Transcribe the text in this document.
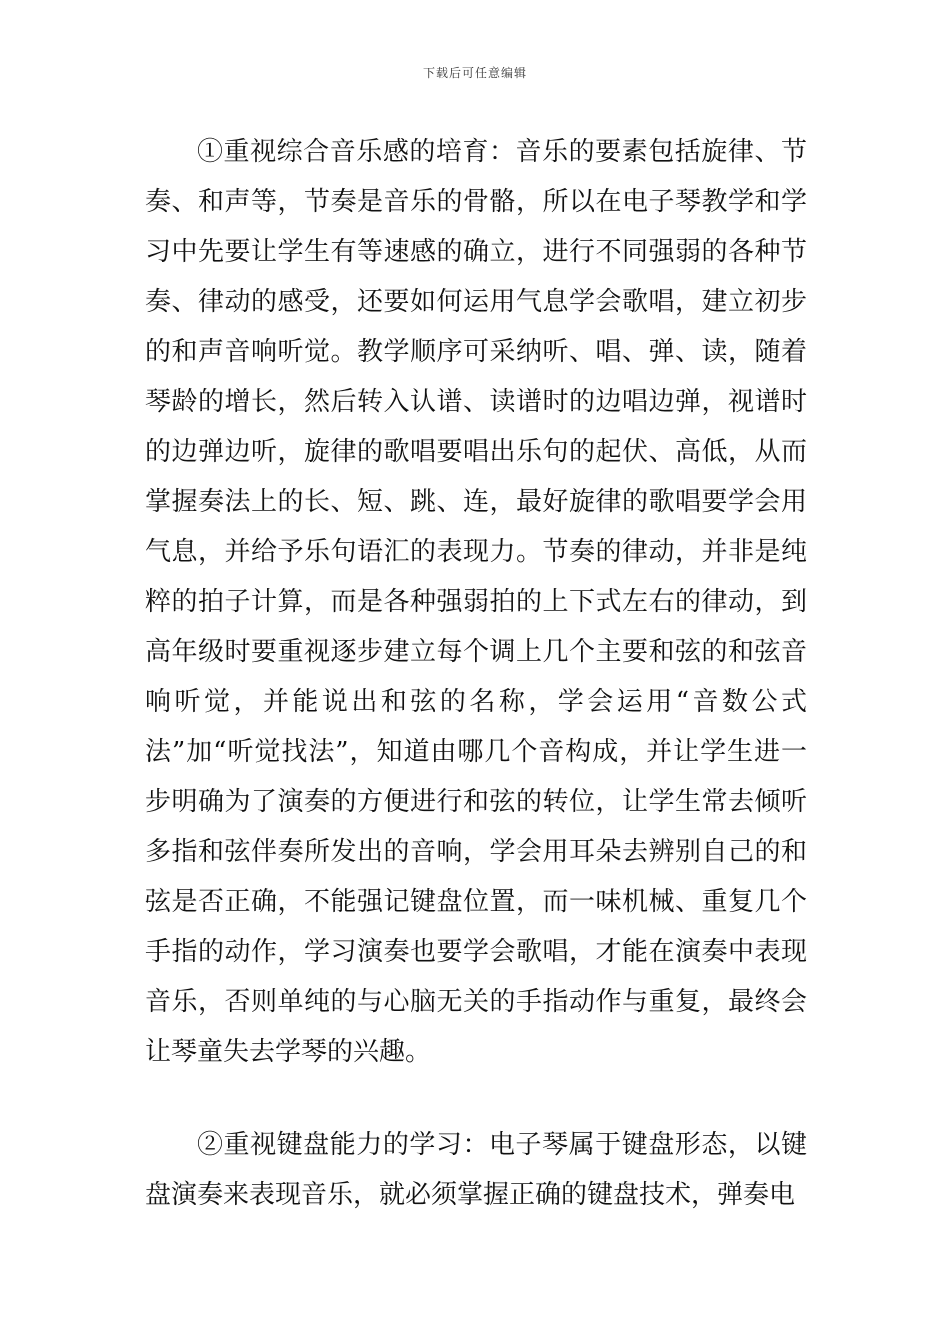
下载后可任意编辑

①重视综合音乐感的培育：音乐的要素包括旋律、节奏、和声等，节奏是音乐的骨骼，所以在电子琴教学和学习中先要让学生有等速感的确立，进行不同强弱的各种节奏、律动的感受，还要如何运用气息学会歌唱，建立初步的和声音响听觉。教学顺序可采纳听、唱、弹、读，随着琴龄的增长，然后转入认谱、读谱时的边唱边弹，视谱时的边弹边听，旋律的歌唱要唱出乐句的起伏、高低，从而掌握奏法上的长、短、跳、连，最好旋律的歌唱要学会用气息，并给予乐句语汇的表现力。节奏的律动，并非是纯粹的拍子计算，而是各种强弱拍的上下式左右的律动，到高年级时要重视逐步建立每个调上几个主要和弦的和弦音响听觉，并能说出和弦的名称，学会运用“音数公式法”加“听觉找法”，知道由哪几个音构成，并让学生进一步明确为了演奏的方便进行和弦的转位，让学生常去倾听多指和弦伴奏所发出的音响，学会用耳朵去辨别自己的和弦是否正确，不能强记键盘位置，而一味机械、重复几个手指的动作，学习演奏也要学会歌唱，才能在演奏中表现音乐，否则单纯的与心脑无关的手指动作与重复，最终会让琴童失去学琴的兴趣。

②重视键盘能力的学习：电子琴属于键盘形态，以键盘演奏来表现音乐，就必须掌握正确的键盘技术，弹奏电
